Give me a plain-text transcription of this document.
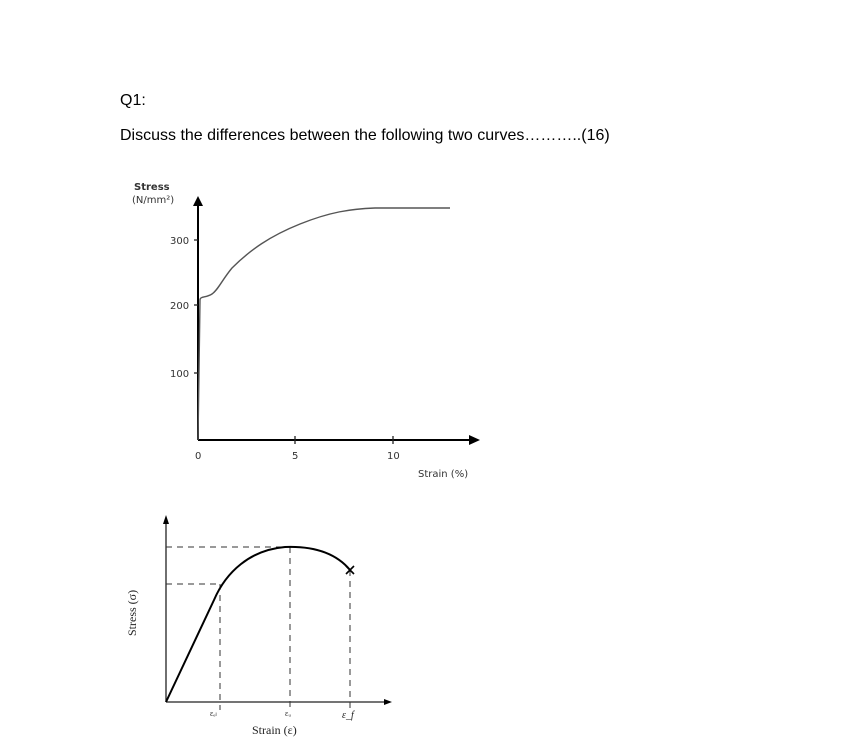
Q1:
Discuss the differences between the following two curves………..(16)
Stress
(N/mm²)
300
200
100
0	5	10
Strain (%)
Stress (σ)
εₑₗ	εᵤ	ε_f
Strain (ε)
